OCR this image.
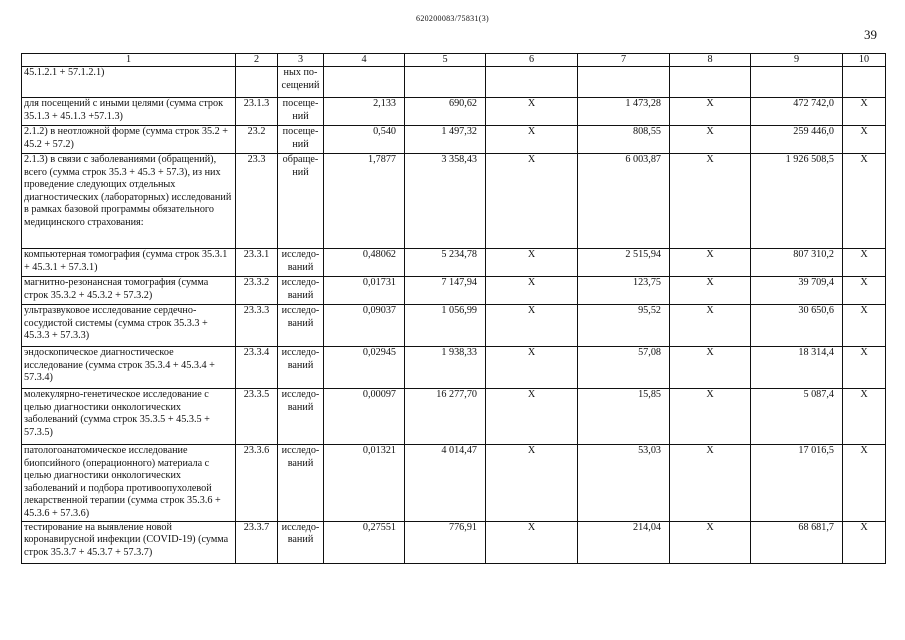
620200083/75831(3)
39
1	2	3	4	5	6	7	8	9	10
45.1.2.1 + 57.1.2.1)		ных по-
сещений							
для посещений с иными целями (сумма строк 35.1.3 + 45.1.3 +57.1.3)	23.1.3	посеще-
ний	2,133	690,62	X	1 473,28	X	472 742,0	X
2.1.2) в неотложной форме (сумма строк 35.2 + 45.2 + 57.2)	23.2	посеще-
ний	0,540	1 497,32	X	808,55	X	259 446,0	X
2.1.3) в связи с заболеваниями (обращений), всего (сумма строк 35.3 + 45.3 + 57.3), из них проведение следующих отдельных диагностических (лабораторных) исследований в рамках базовой программы обязательного медицинского страхования:	23.3	обраще-
ний	1,7877	3 358,43	X	6 003,87	X	1 926 508,5	X
компьютерная томография (сумма строк 35.3.1 + 45.3.1 + 57.3.1)	23.3.1	исследо-
ваний	0,48062	5 234,78	X	2 515,94	X	807 310,2	X
магнитно-резонансная томография (сумма строк 35.3.2 + 45.3.2 + 57.3.2)	23.3.2	исследо-
ваний	0,01731	7 147,94	X	123,75	X	39 709,4	X
ультразвуковое исследование сердечно-сосудистой системы (сумма строк 35.3.3 + 45.3.3 + 57.3.3)	23.3.3	исследо-
ваний	0,09037	1 056,99	X	95,52	X	30 650,6	X
эндоскопическое диагностическое исследование (сумма строк 35.3.4 + 45.3.4 + 57.3.4)	23.3.4	исследо-
ваний	0,02945	1 938,33	X	57,08	X	18 314,4	X
молекулярно-генетическое исследование с целью диагностики онкологических заболеваний (сумма строк 35.3.5 + 45.3.5 + 57.3.5)	23.3.5	исследо-
ваний	0,00097	16 277,70	X	15,85	X	5 087,4	X
патологоанатомическое исследование биопсийного (операционного) материала с целью диагностики онкологических заболеваний и подбора противоопухолевой лекарственной терапии (сумма строк 35.3.6 + 45.3.6 + 57.3.6)	23.3.6	исследо-
ваний	0,01321	4 014,47	X	53,03	X	17 016,5	X
тестирование на выявление новой коронавирусной инфекции (COVID-19) (сумма строк 35.3.7 + 45.3.7 + 57.3.7)	23.3.7	исследо-
ваний	0,27551	776,91	X	214,04	X	68 681,7	X
